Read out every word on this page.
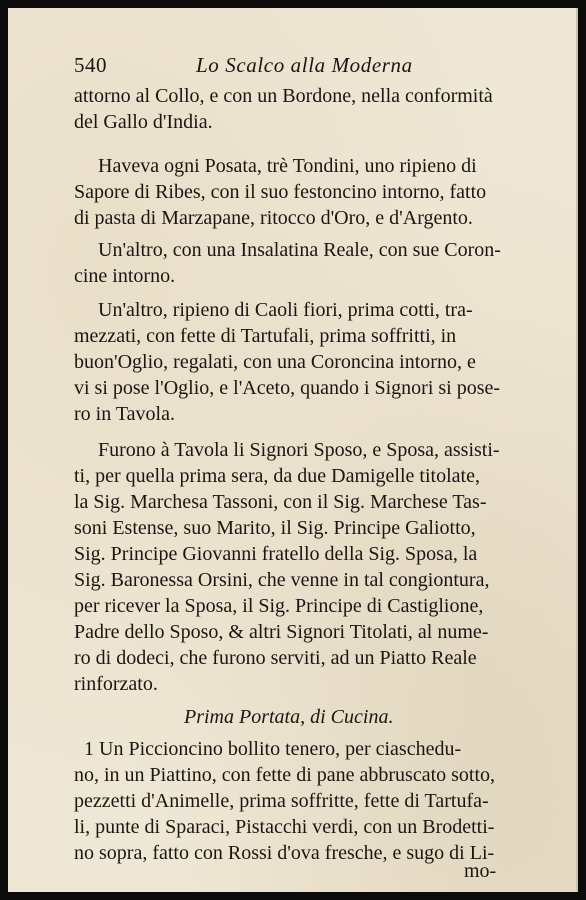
540	Lo Scalco alla Moderna
attorno al Collo, e con un Bordone, nella conformità
del Gallo d'India.
Haveva ogni Posata, trè Tondini, uno ripieno di
Sapore di Ribes, con il suo festoncino intorno, fatto
di pasta di Marzapane, ritocco d'Oro, e d'Argento.
Un'altro, con una Insalatina Reale, con sue Coron-
cine intorno.
Un'altro, ripieno di Caoli fiori, prima cotti, tra-
mezzati, con fette di Tartufali, prima soffritti, in
buon'Oglio, regalati, con una Coroncina intorno, e
vi si pose l'Oglio, e l'Aceto, quando i Signori si pose-
ro in Tavola.
Furono à Tavola li Signori Sposo, e Sposa, assisti-
ti, per quella prima sera, da due Damigelle titolate,
la Sig. Marchesa Tassoni, con il Sig. Marchese Tas-
soni Estense, suo Marito, il Sig. Principe Galiotto,
Sig. Principe Giovanni fratello della Sig. Sposa, la
Sig. Baronessa Orsini, che venne in tal congiontura,
per ricever la Sposa, il Sig. Principe di Castiglione,
Padre dello Sposo, & altri Signori Titolati, al nume-
ro di dodeci, che furono serviti, ad un Piatto Reale
rinforzato.
Prima Portata, di Cucina.
1 Un Piccioncino bollito tenero, per ciaschedu-
no, in un Piattino, con fette di pane abbruscato sotto,
pezzetti d'Animelle, prima soffritte, fette di Tartufa-
li, punte di Sparaci, Pistacchi verdi, con un Brodetti-
no sopra, fatto con Rossi d'ova fresche, e sugo di Li-
mo-
